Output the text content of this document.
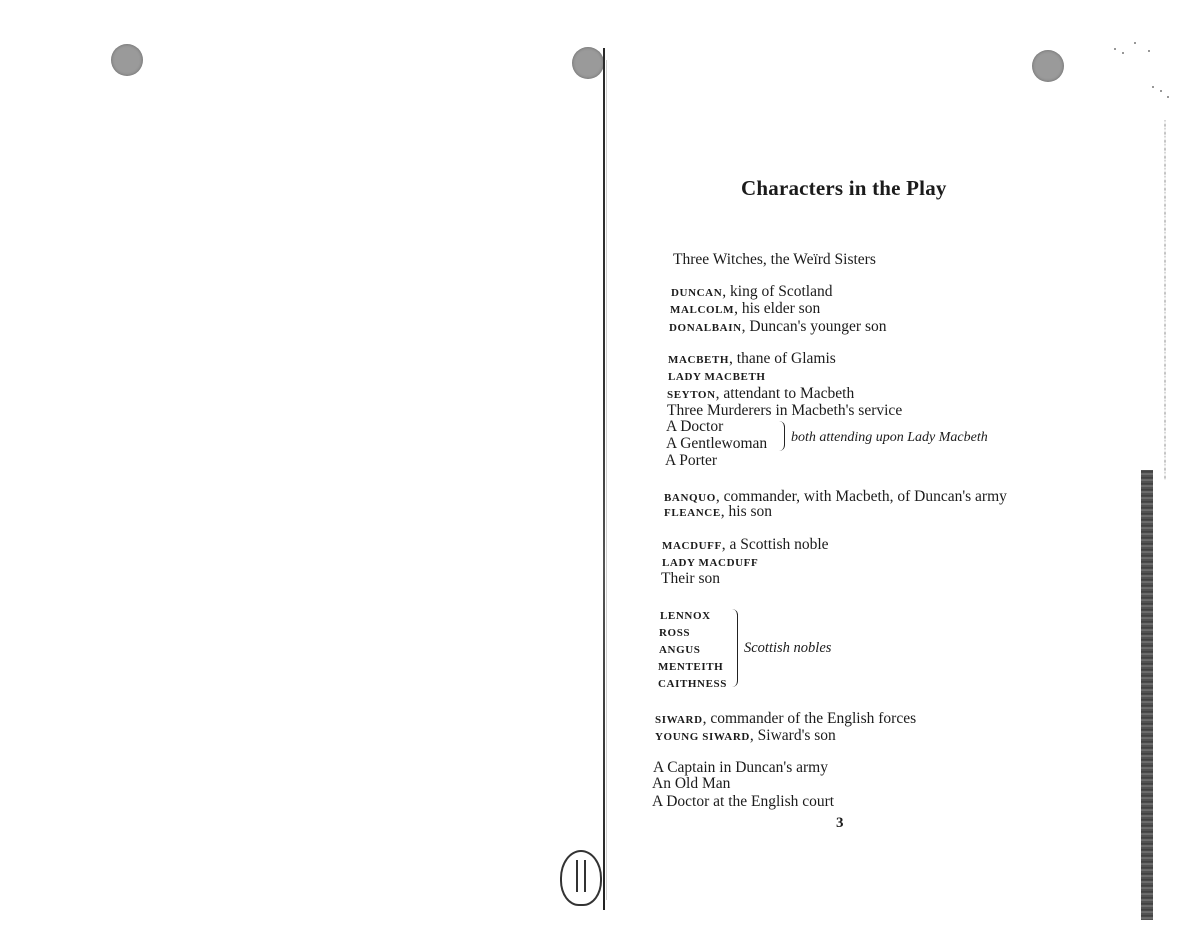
Characters in the Play
Three Witches, the Weïrd Sisters
DUNCAN, king of Scotland
MALCOLM, his elder son
DONALBAIN, Duncan's younger son
MACBETH, thane of Glamis
LADY MACBETH
SEYTON, attendant to Macbeth
Three Murderers in Macbeth's service
A Doctor
A Gentlewoman both attending upon Lady Macbeth
A Porter
BANQUO, commander, with Macbeth, of Duncan's army
FLEANCE, his son
MACDUFF, a Scottish noble
LADY MACDUFF
Their son
LENNOX
ROSS
ANGUS
MENTEITH
CAITHNESS
Scottish nobles
SIWARD, commander of the English forces
YOUNG SIWARD, Siward's son
A Captain in Duncan's army
An Old Man
A Doctor at the English court
3
